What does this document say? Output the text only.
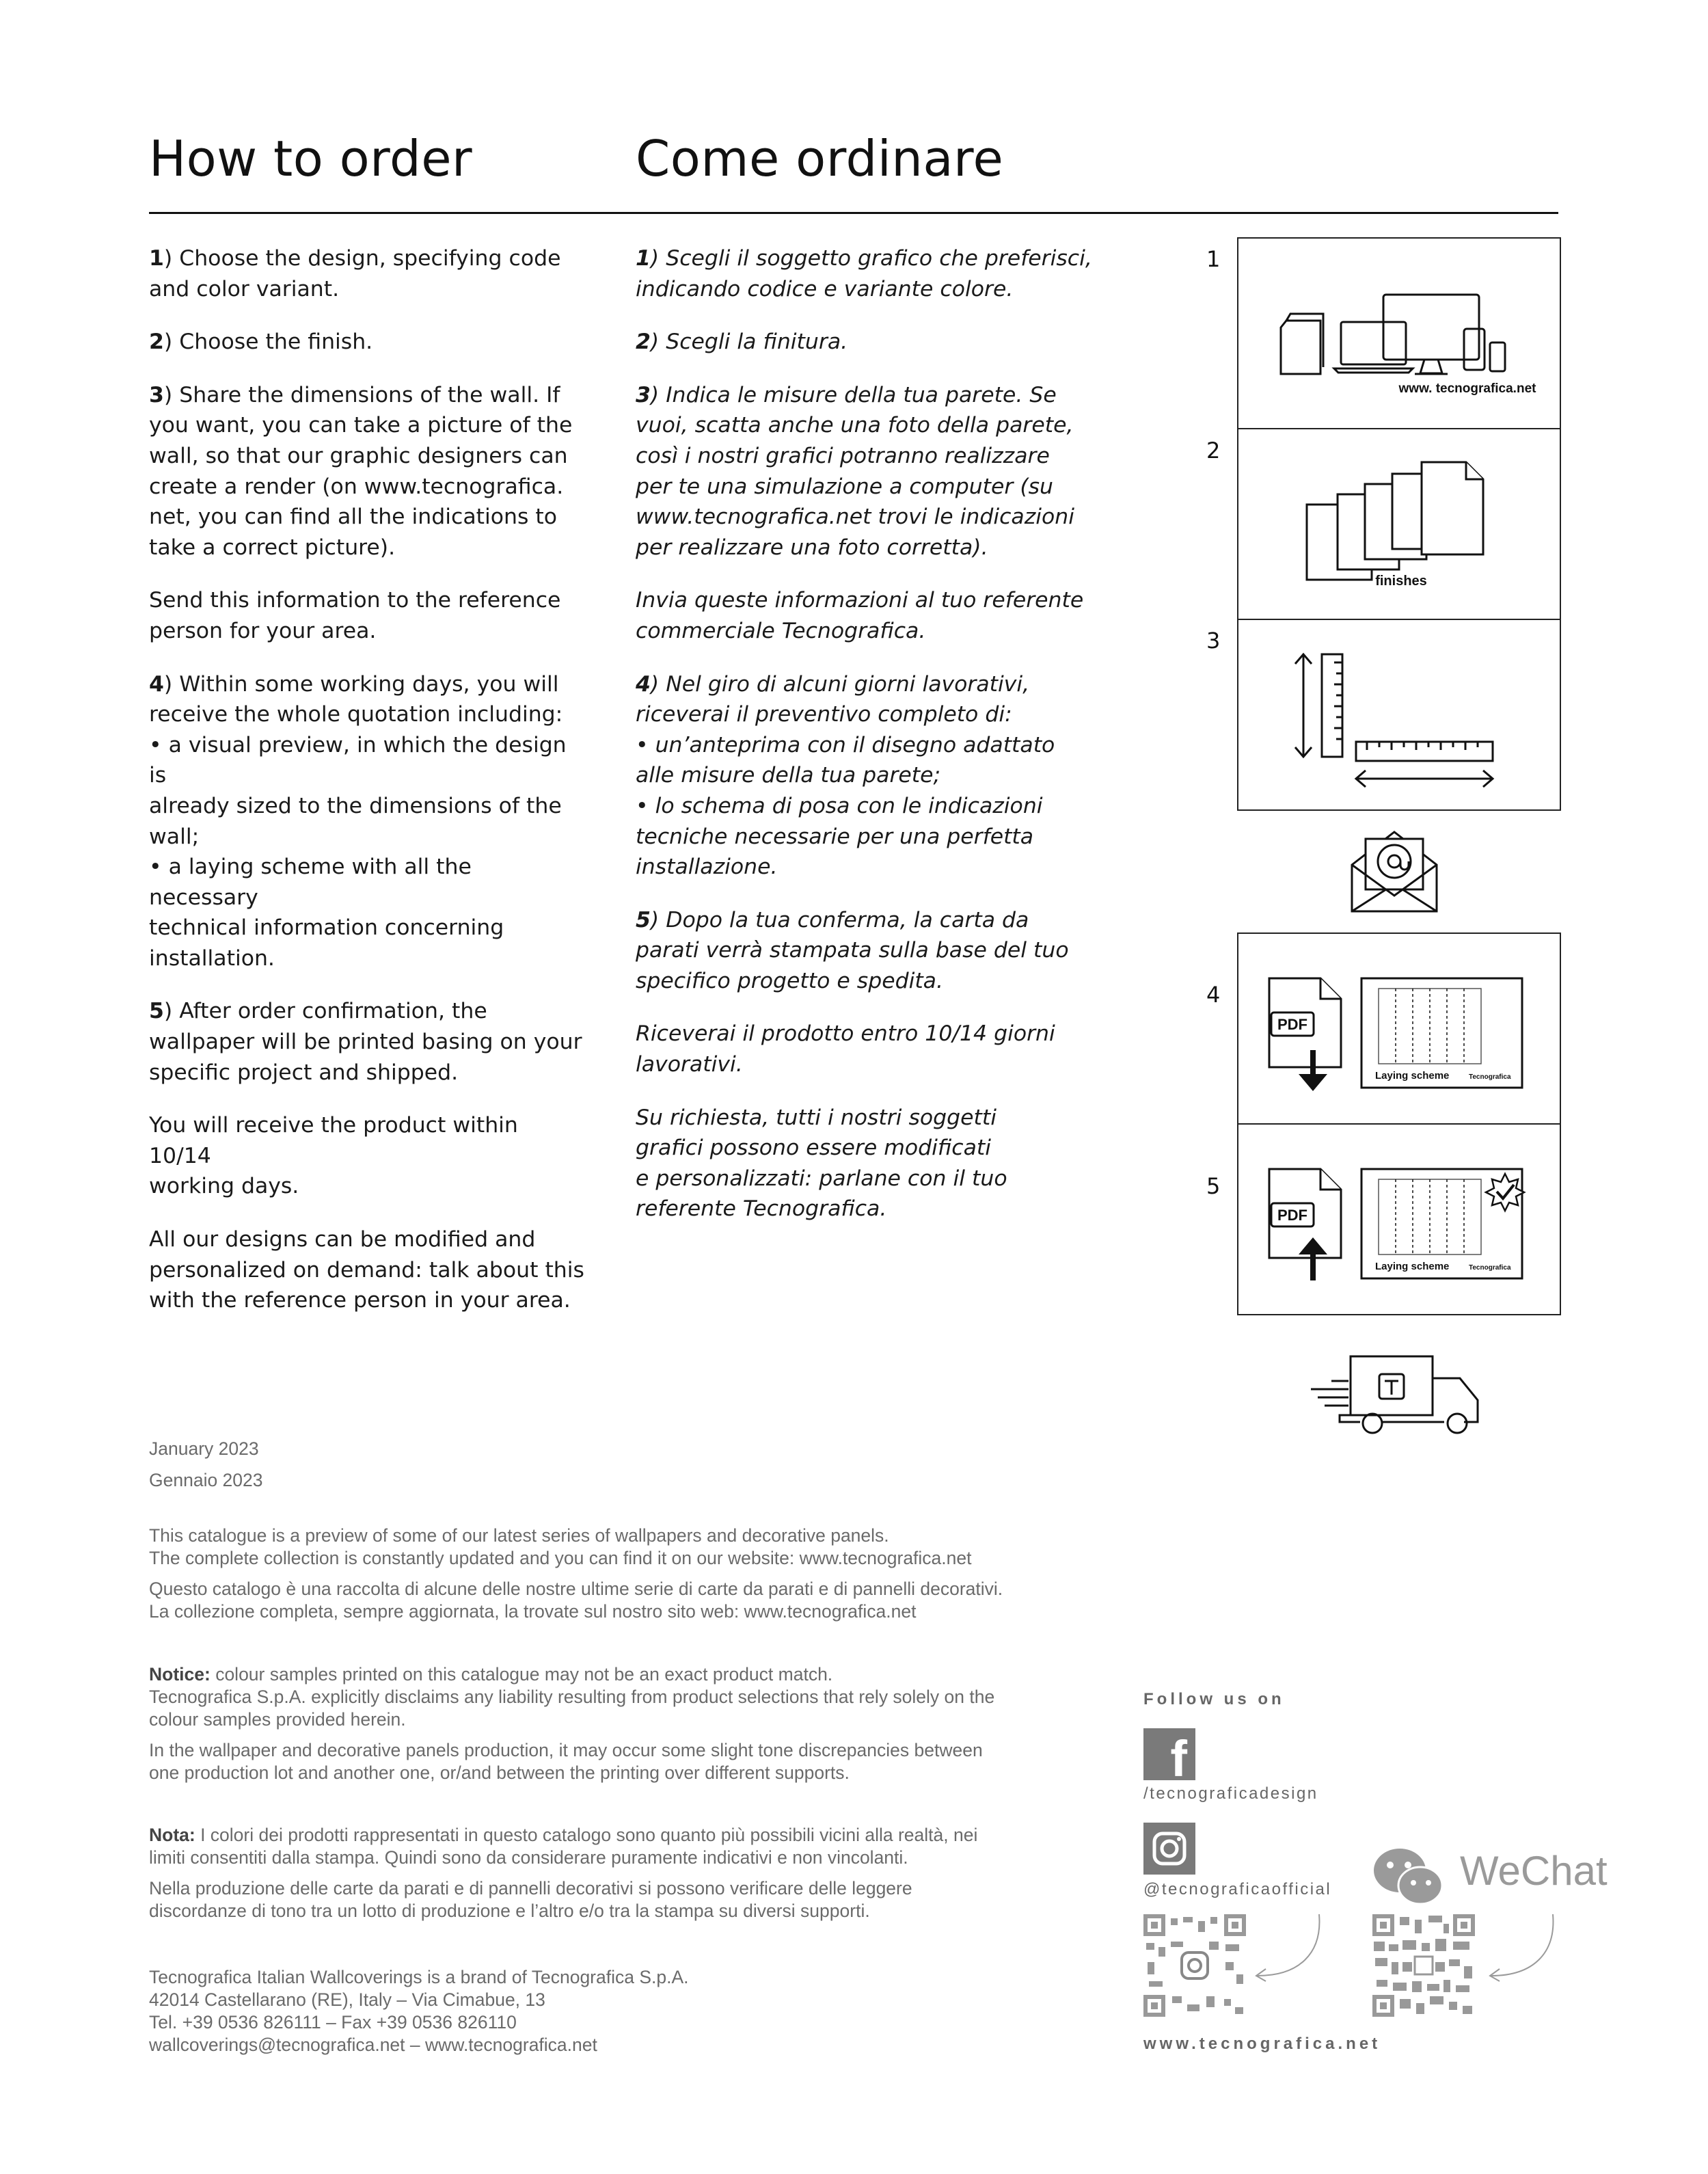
How to order	Come ordinare

1) Choose the design, specifying code
and color variant.

2) Choose the finish.

3) Share the dimensions of the wall. If
you want, you can take a picture of the
wall, so that our graphic designers can
create a render (on www.tecnografica.
net, you can find all the indications to
take a correct picture).

Send this information to the reference
person for your area.

4) Within some working days, you will
receive the whole quotation including:
• a visual preview, in which the design is
already sized to the dimensions of the
wall;
• a laying scheme with all the necessary
technical information concerning
installation.

5) After order confirmation, the
wallpaper will be printed basing on your
specific project and shipped.

You will receive the product within 10/14
working days.

All our designs can be modified and
personalized on demand: talk about this
with the reference person in your area.

1) Scegli il soggetto grafico che preferisci,
indicando codice e variante colore.

2) Scegli la finitura.

3) Indica le misure della tua parete. Se
vuoi, scatta anche una foto della parete,
così i nostri grafici potranno realizzare
per te una simulazione a computer (su
www.tecnografica.net trovi le indicazioni
per realizzare una foto corretta).

Invia queste informazioni al tuo referente
commerciale Tecnografica.

4) Nel giro di alcuni giorni lavorativi,
riceverai il preventivo completo di:
• un’anteprima con il disegno adattato
alle misure della tua parete;
• lo schema di posa con le indicazioni
tecniche necessarie per una perfetta
installazione.

5) Dopo la tua conferma, la carta da
parati verrà stampata sulla base del tuo
specifico progetto e spedita.

Riceverai il prodotto entro 10/14 giorni
lavorativi.

Su richiesta, tutti i nostri soggetti
grafici possono essere modificati
e personalizzati: parlane con il tuo
referente Tecnografica.

1
2
3
4
5
www. tecnografica.net
finishes
PDF
Laying scheme	Tecnografica
PDF
Laying scheme	Tecnografica
January 2023
Gennaio 2023

This catalogue is a preview of some of our latest series of wallpapers and decorative panels.
The complete collection is constantly updated and you can find it on our website: www.tecnografica.net

Questo catalogo è una raccolta di alcune delle nostre ultime serie di carte da parati e di pannelli decorativi.
La collezione completa, sempre aggiornata, la trovate sul nostro sito web: www.tecnografica.net

Notice: colour samples printed on this catalogue may not be an exact product match.
Tecnografica S.p.A. explicitly disclaims any liability resulting from product selections that rely solely on the
colour samples provided herein.

In the wallpaper and decorative panels production, it may occur some slight tone discrepancies between
one production lot and another one, or/and between the printing over different supports.

Nota: I colori dei prodotti rappresentati in questo catalogo sono quanto più possibili vicini alla realtà, nei
limiti consentiti dalla stampa. Quindi sono da considerare puramente indicativi e non vincolanti.

Nella produzione delle carte da parati e di pannelli decorativi si possono verificare delle leggere
discordanze di tono tra un lotto di produzione e l’altro e/o tra la stampa su diversi supporti.

Tecnografica Italian Wallcoverings is a brand of Tecnografica S.p.A.
42014 Castellarano (RE), Italy – Via Cimabue, 13
Tel. +39 0536 826111 – Fax +39 0536 826110
wallcoverings@tecnografica.net – www.tecnografica.net
Follow us on
f
/tecnograficadesign
@tecnograficaofficial	WeChat
www.tecnografica.net
